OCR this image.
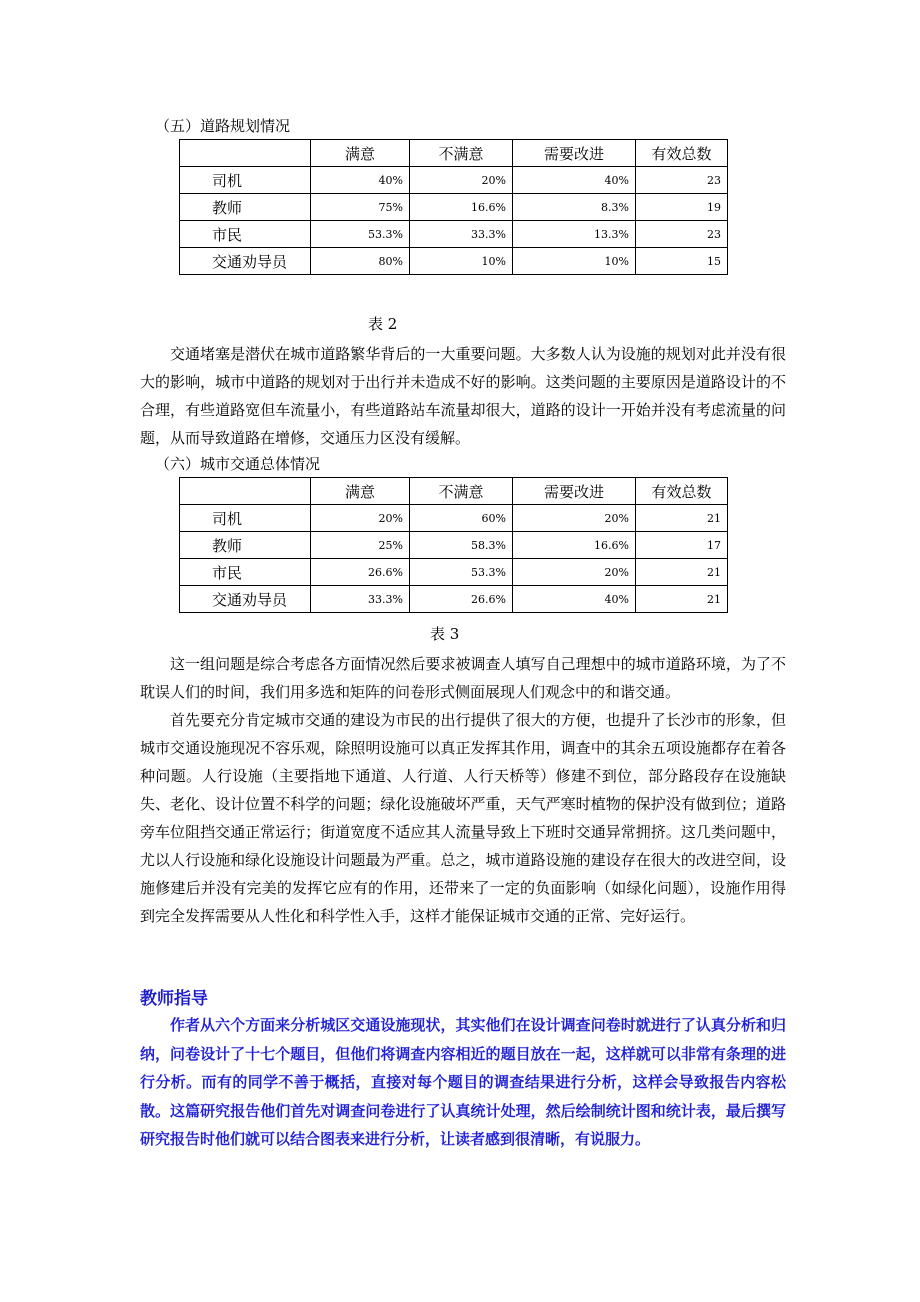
（五）道路规划情况
	满意	不满意	需要改进	有效总数
司机	40%	20%	40%	23
教师	75%	16.6%	8.3%	19
市民	53.3%	33.3%	13.3%	23
交通劝导员	80%	10%	10%	15
表 2

交通堵塞是潜伏在城市道路繁华背后的一大重要问题。大多数人认为设施的规划对此并没有很大的影响，城市中道路的规划对于出行并未造成不好的影响。这类问题的主要原因是道路设计的不合理，有些道路宽但车流量小，有些道路站车流量却很大，道路的设计一开始并没有考虑流量的问题，从而导致道路在增修，交通压力区没有缓解。

（六）城市交通总体情况
	满意	不满意	需要改进	有效总数
司机	20%	60%	20%	21
教师	25%	58.3%	16.6%	17
市民	26.6%	53.3%	20%	21
交通劝导员	33.3%	26.6%	40%	21
表 3

这一组问题是综合考虑各方面情况然后要求被调查人填写自己理想中的城市道路环境，为了不耽误人们的时间，我们用多选和矩阵的问卷形式侧面展现人们观念中的和谐交通。

首先要充分肯定城市交通的建设为市民的出行提供了很大的方便，也提升了长沙市的形象，但城市交通设施现况不容乐观，除照明设施可以真正发挥其作用，调查中的其余五项设施都存在着各种问题。人行设施（主要指地下通道、人行道、人行天桥等）修建不到位，部分路段存在设施缺失、老化、设计位置不科学的问题；绿化设施破坏严重，天气严寒时植物的保护没有做到位；道路旁车位阻挡交通正常运行；街道宽度不适应其人流量导致上下班时交通异常拥挤。这几类问题中，尤以人行设施和绿化设施设计问题最为严重。总之，城市道路设施的建设存在很大的改进空间，设施修建后并没有完美的发挥它应有的作用，还带来了一定的负面影响（如绿化问题），设施作用得到完全发挥需要从人性化和科学性入手，这样才能保证城市交通的正常、完好运行。

教师指导

作者从六个方面来分析城区交通设施现状，其实他们在设计调查问卷时就进行了认真分析和归纳，问卷设计了十七个题目，但他们将调查内容相近的题目放在一起，这样就可以非常有条理的进行分析。而有的同学不善于概括，直接对每个题目的调查结果进行分析，这样会导致报告内容松散。这篇研究报告他们首先对调查问卷进行了认真统计处理，然后绘制统计图和统计表，最后撰写研究报告时他们就可以结合图表来进行分析，让读者感到很清晰，有说服力。
